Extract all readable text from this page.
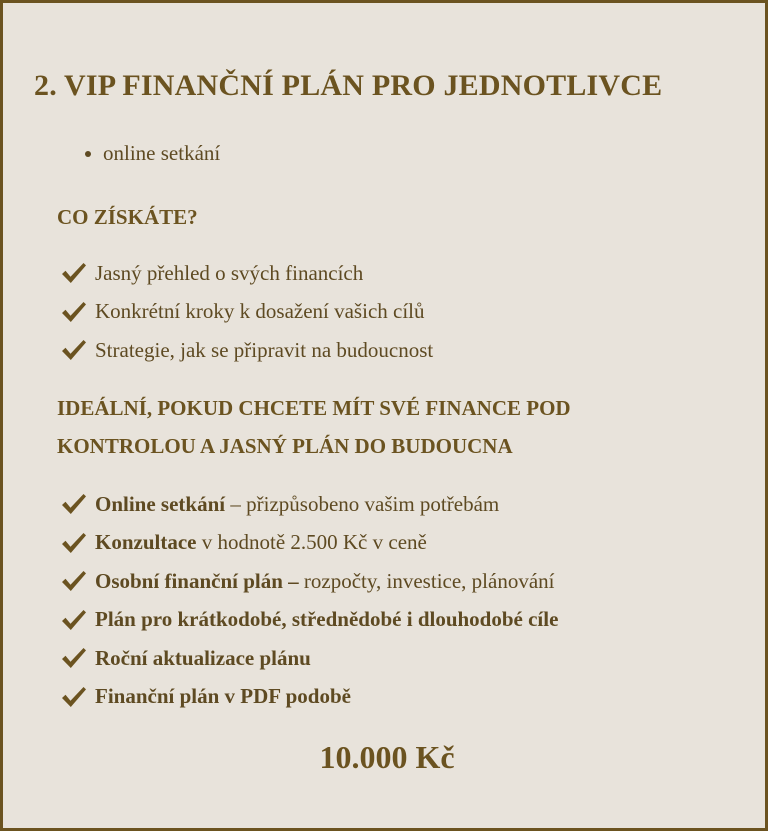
2. VIP FINANČNÍ PLÁN PRO JEDNOTLIVCE
online setkání
CO ZÍSKÁTE?
Jasný přehled o svých financích
Konkrétní kroky k dosažení vašich cílů
Strategie, jak se připravit na budoucnost
IDEÁLNÍ, POKUD CHCETE MÍT SVÉ FINANCE POD
KONTROLOU A JASNÝ PLÁN DO BUDOUCNA
Online setkání – přizpůsobeno vašim potřebám
Konzultace v hodnotě 2.500 Kč v ceně
Osobní finanční plán – rozpočty, investice, plánování
Plán pro krátkodobé, střednědobé i dlouhodobé cíle
Roční aktualizace plánu
Finanční plán v PDF podobě

10.000 Kč
